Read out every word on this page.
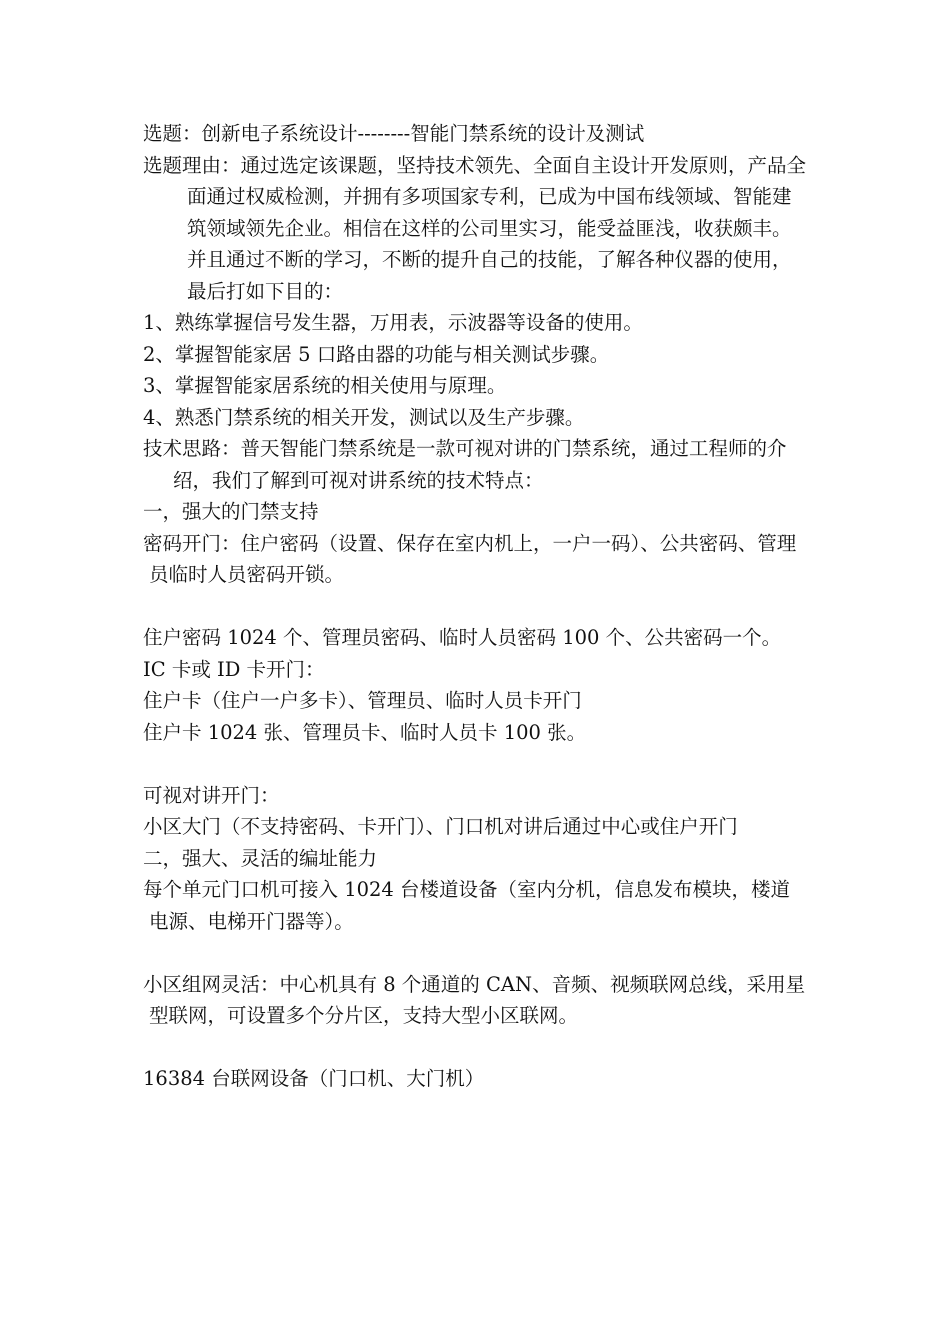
选题：创新电子系统设计--------智能门禁系统的设计及测试

选题理由：通过选定该课题，坚持技术领先、全面自主设计开发原则，产品全面通过权威检测，并拥有多项国家专利，已成为中国布线领域、智能建筑领域领先企业。相信在这样的公司里实习，能受益匪浅，收获颇丰。

并且通过不断的学习，不断的提升自己的技能，了解各种仪器的使用，最后打如下目的：

1、熟练掌握信号发生器，万用表，示波器等设备的使用。

2、掌握智能家居 5 口路由器的功能与相关测试步骤。

3、掌握智能家居系统的相关使用与原理。

4、熟悉门禁系统的相关开发，测试以及生产步骤。

技术思路：普天智能门禁系统是一款可视对讲的门禁系统，通过工程师的介绍，我们了解到可视对讲系统的技术特点：

一，强大的门禁支持

密码开门：住户密码（设置、保存在室内机上，一户一码）、公共密码、管理员临时人员密码开锁。

住户密码 1024 个、管理员密码、临时人员密码 100 个、公共密码一个。

IC 卡或 ID 卡开门：

住户卡（住户一户多卡）、管理员、临时人员卡开门

住户卡 1024 张、管理员卡、临时人员卡 100 张。

可视对讲开门：

小区大门（不支持密码、卡开门）、门口机对讲后通过中心或住户开门

二，强大、灵活的编址能力

每个单元门口机可接入 1024 台楼道设备（室内分机，信息发布模块，楼道电源、电梯开门器等）。

小区组网灵活：中心机具有 8 个通道的 CAN、音频、视频联网总线，采用星型联网，可设置多个分片区，支持大型小区联网。

16384 台联网设备（门口机、大门机）
